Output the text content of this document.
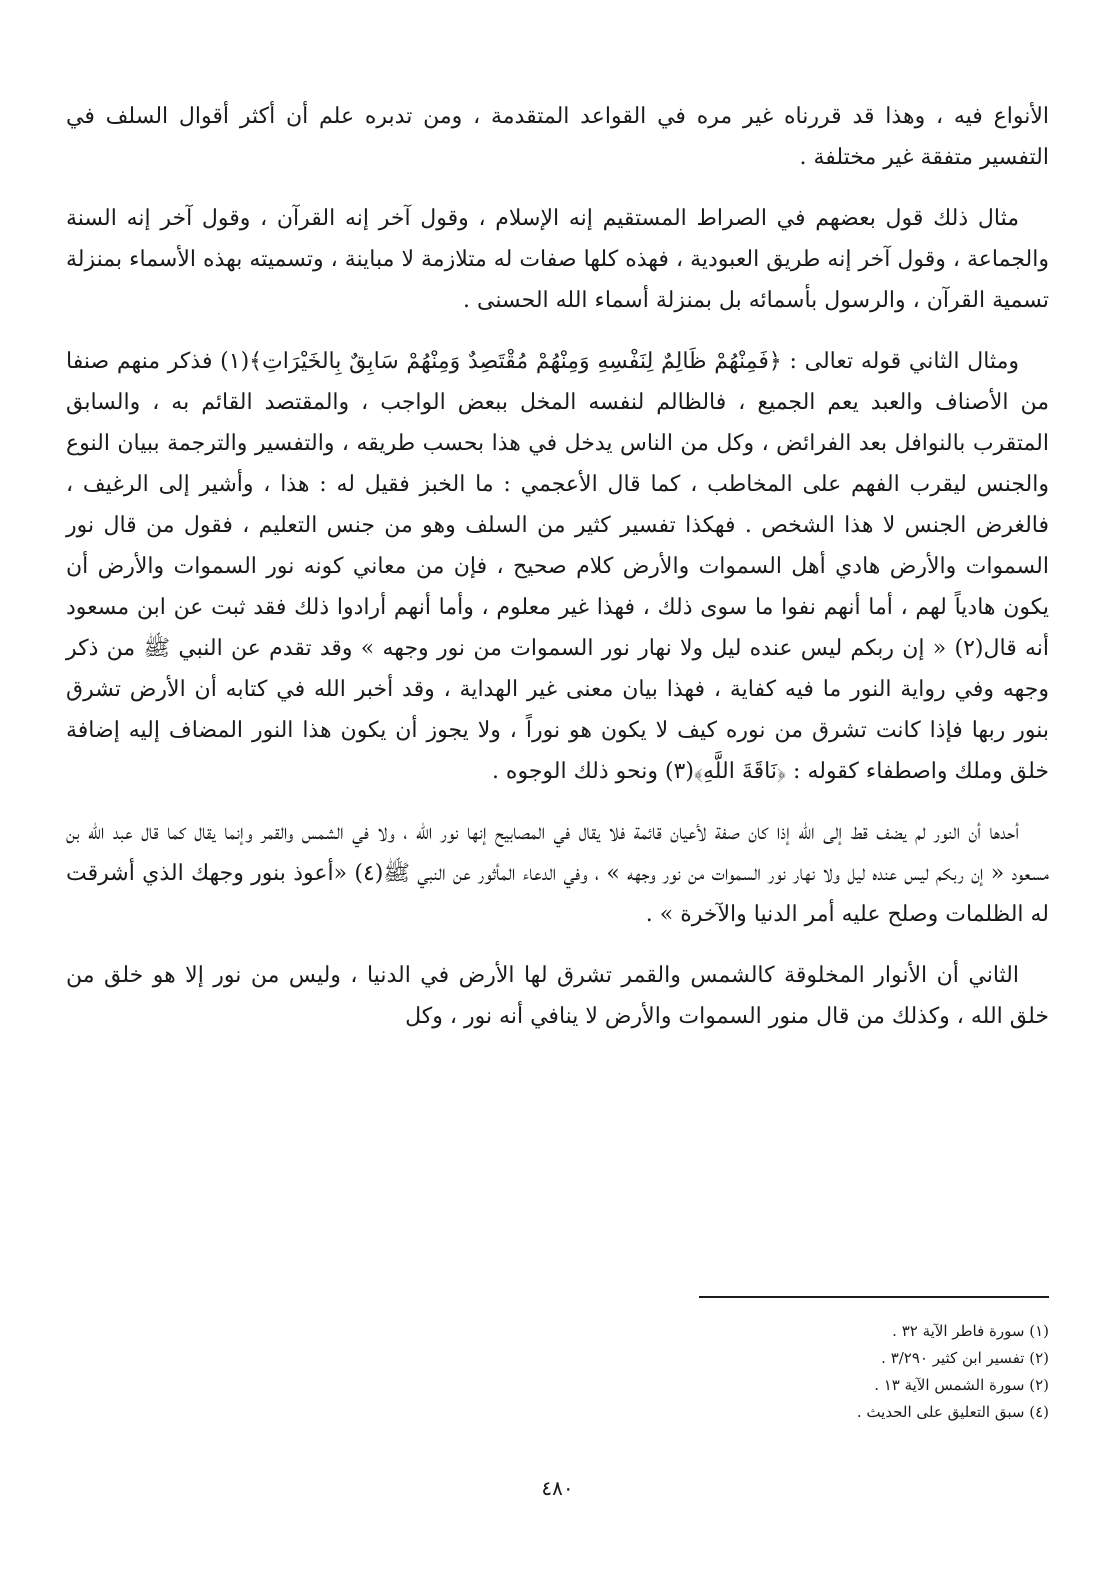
الأنواع فيه ، وهذا قد قررناه غير مره في القواعد المتقدمة ، ومن تدبره علم أن أكثر أقوال السلف في التفسير متفقة غير مختلفة .

مثال ذلك قول بعضهم في الصراط المستقيم إنه الإسلام ، وقول آخر إنه القرآن ، وقول آخر إنه السنة والجماعة ، وقول آخر إنه طريق العبودية ، فهذه كلها صفات له متلازمة لا مباينة ، وتسميته بهذه الأسماء بمنزلة تسمية القرآن ، والرسول بأسمائه بل بمنزلة أسماء الله الحسنى .

ومثال الثاني قوله تعالى : ﴿فَمِنْهُمْ ظَالِمٌ لِنَفْسِهِ وَمِنْهُمْ مُقْتَصِدٌ وَمِنْهُمْ سَابِقٌ بِالخَيْرَاتِ﴾(١) فذكر منهم صنفا من الأصناف والعبد يعم الجميع ، فالظالم لنفسه المخل ببعض الواجب ، والمقتصد القائم به ، والسابق المتقرب بالنوافل بعد الفرائض ، وكل من الناس يدخل في هذا بحسب طريقه ، والتفسير والترجمة ببيان النوع والجنس ليقرب الفهم على المخاطب ، كما قال الأعجمي : ما الخبز فقيل له : هذا ، وأشير إلى الرغيف ، فالغرض الجنس لا هذا الشخص . فهكذا تفسير كثير من السلف وهو من جنس التعليم ، فقول من قال نور السموات والأرض هادي أهل السموات والأرض كلام صحيح ، فإن من معاني كونه نور السموات والأرض أن يكون هادياً لهم ، أما أنهم نفوا ما سوى ذلك ، فهذا غير معلوم ، وأما أنهم أرادوا ذلك فقد ثبت عن ابن مسعود أنه قال(٢) « إن ربكم ليس عنده ليل ولا نهار نور السموات من نور وجهه » وقد تقدم عن النبي ﷺ من ذكر وجهه وفي رواية النور ما فيه كفاية ، فهذا بيان معنى غير الهداية ، وقد أخبر الله في كتابه أن الأرض تشرق بنور ربها فإذا كانت تشرق من نوره كيف لا يكون هو نوراً ، ولا يجوز أن يكون هذا النور المضاف إليه إضافة خلق وملك واصطفاء كقوله : ﴿نَاقَةَ اللَّهِ﴾(٣) ونحو ذلك الوجوه .

أحدها أن النور لم يضف قط إلى الله إذا كان صفة لأعيان قائمة فلا يقال في المصابيح إنها نور الله ، ولا في الشمس والقمر وإنما يقال كما قال عبد الله بن مسعود « إن ربكم ليس عنده ليل ولا نهار نور السموات من نور وجهه » ، وفي الدعاء المأثور عن النبي ﷺ(٤) «أعوذ بنور وجهك الذي أشرقت له الظلمات وصلح عليه أمر الدنيا والآخرة » .

الثاني أن الأنوار المخلوقة كالشمس والقمر تشرق لها الأرض في الدنيا ، وليس من نور إلا هو خلق من خلق الله ، وكذلك من قال منور السموات والأرض لا ينافي أنه نور ، وكل

(١) سورة فاطر الآية ٣٢ .

(٢) تفسير ابن كثير ٣/٢٩٠ .

(٢) سورة الشمس الآية ١٣ .

(٤) سبق التعليق على الحديث .

٤٨٠
